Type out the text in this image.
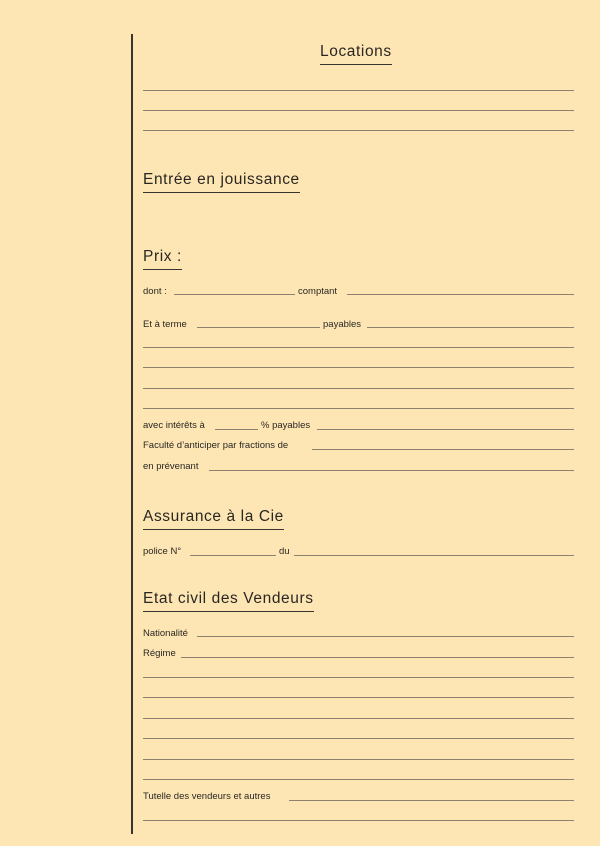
Locations
Entrée en jouissance
Prix :
dont :	comptant
Et à terme	payables
avec intérêts à	% payables
Faculté d’anticiper par fractions de
en prévenant
Assurance à la Cie
police N°	du
Etat civil des Vendeurs
Nationalité
Régime
Tutelle des vendeurs et autres
